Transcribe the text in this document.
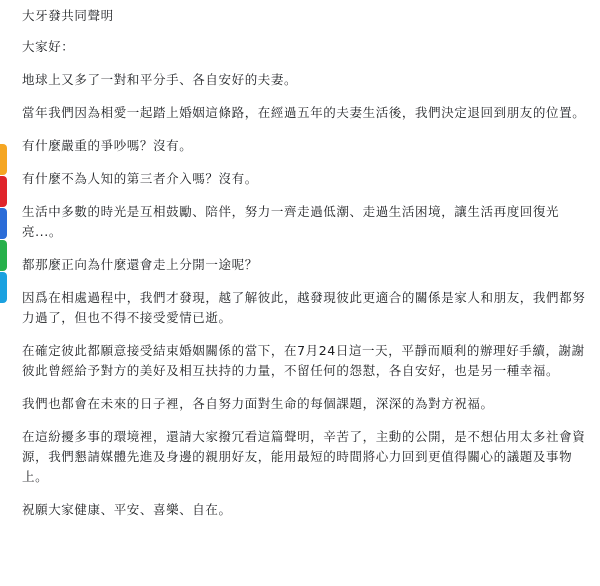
大牙發共同聲明

大家好：

地球上又多了一對和平分手、各自安好的夫妻。

當年我們因為相愛一起踏上婚姻這條路，在經過五年的夫妻生活後，我們決定退回到朋友的位置。

有什麼嚴重的爭吵嗎？沒有。

有什麼不為人知的第三者介入嗎？沒有。

生活中多數的時光是互相鼓勵、陪伴，努力一齊走過低潮、走過生活困境，讓生活再度回復光亮...。

都那麼正向為什麼還會走上分開一途呢？

因爲在相處過程中，我們才發現，越了解彼此，越發現彼此更適合的關係是家人和朋友，我們都努力過了，但也不得不接受愛情已逝。

在確定彼此都願意接受結束婚姻關係的當下，在7月24日這一天，平靜而順利的辦理好手續，謝謝彼此曾經給予對方的美好及相互扶持的力量，不留任何的怨懟，各自安好，也是另一種幸福。

我們也都會在未來的日子裡，各自努力面對生命的每個課題，深深的為對方祝福。

在這紛擾多事的環境裡，還請大家撥冗看這篇聲明，辛苦了，主動的公開，是不想佔用太多社會資源，我們懇請媒體先進及身邊的親朋好友，能用最短的時間將心力回到更值得關心的議題及事物上。

祝願大家健康、平安、喜樂、自在。
